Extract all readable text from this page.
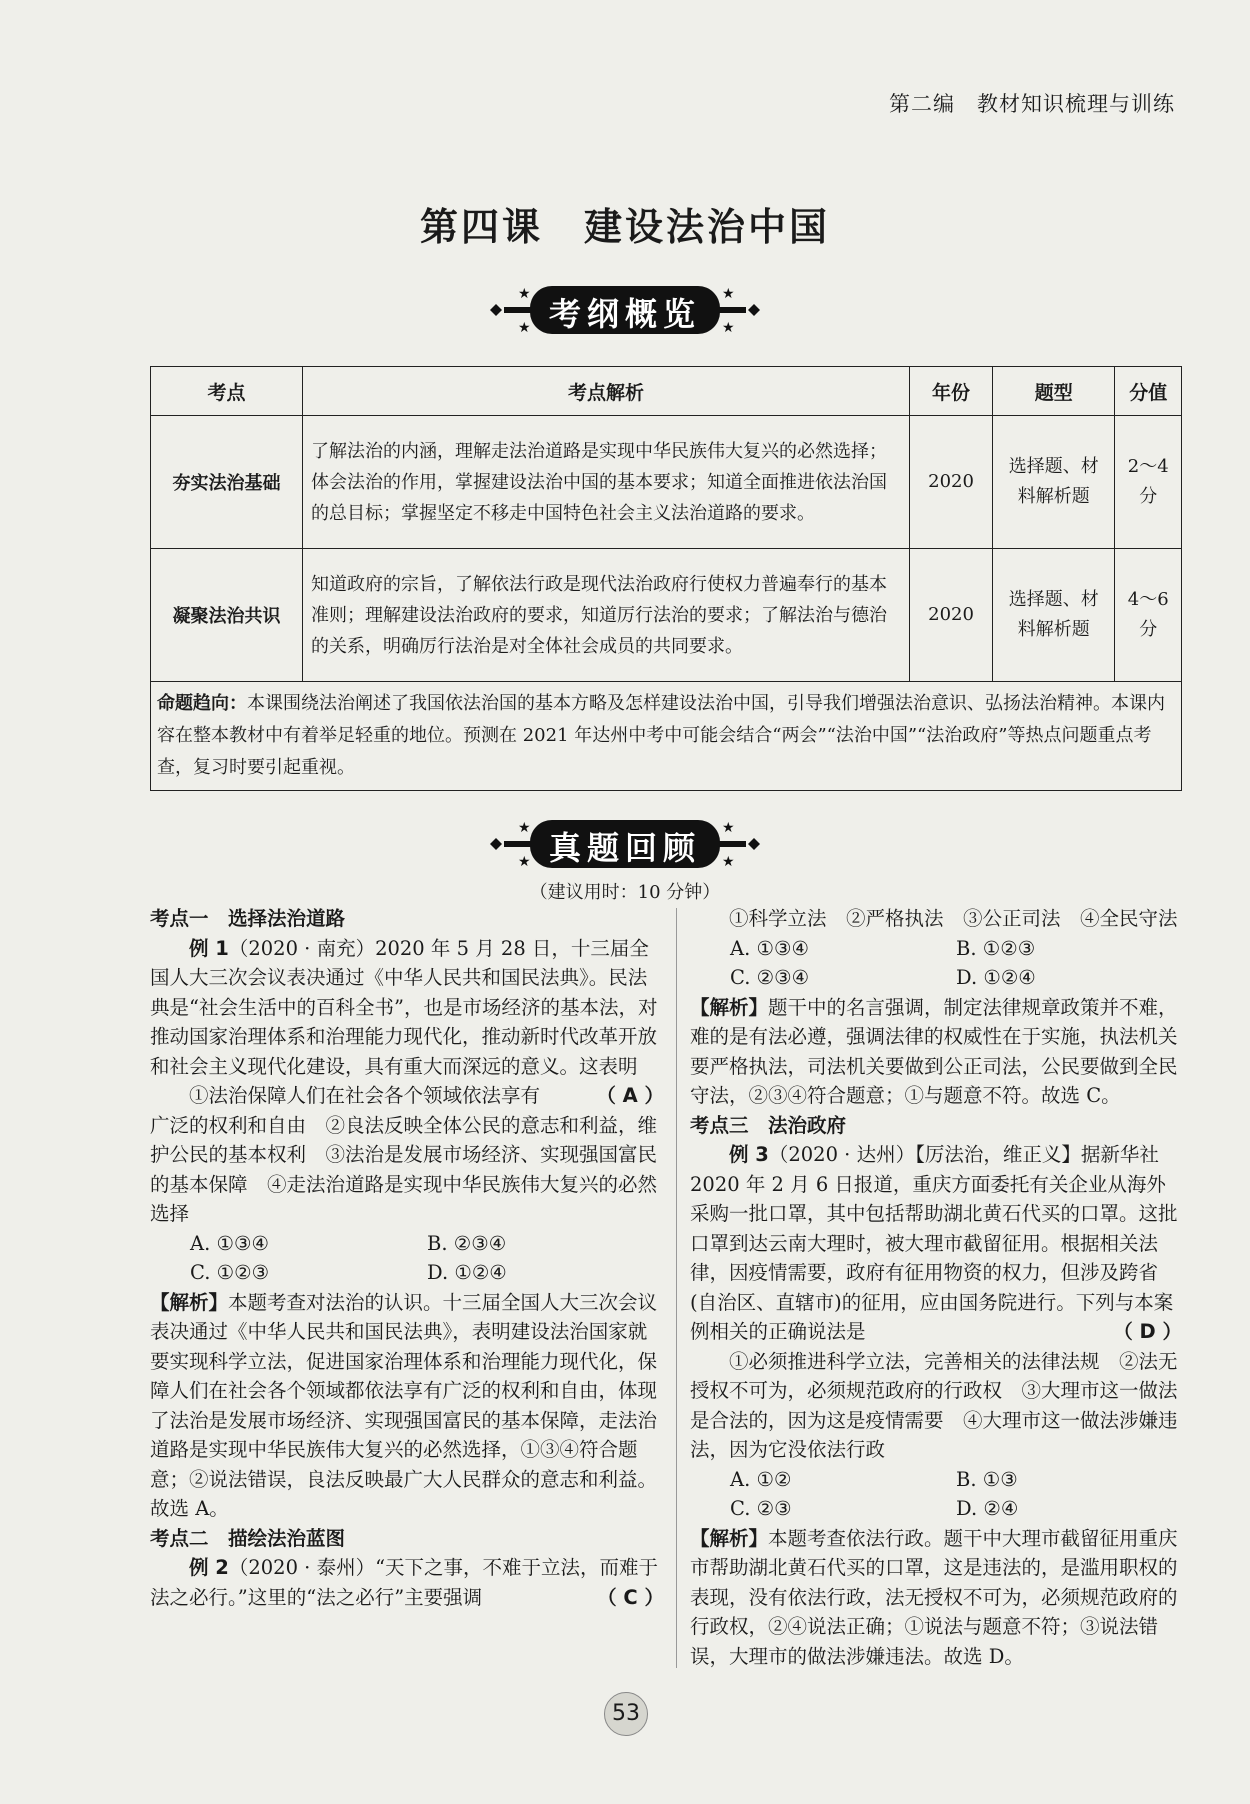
第二编　教材知识梳理与训练
第四课　建设法治中国
★	★
★	★
考纲概览
考点	考点解析	年份	题型	分值
夯实法治基础	了解法治的内涵，理解走法治道路是实现中华民族伟大复兴的必然选择；体会法治的作用，掌握建设法治中国的基本要求；知道全面推进依法治国的总目标；掌握坚定不移走中国特色社会主义法治道路的要求。	2020	选择题、材料解析题	2～4 分
凝聚法治共识	知道政府的宗旨，了解依法行政是现代法治政府行使权力普遍奉行的基本准则；理解建设法治政府的要求，知道厉行法治的要求；了解法治与德治的关系，明确厉行法治是对全体社会成员的共同要求。	2020	选择题、材料解析题	4～6 分
命题趋向：本课围绕法治阐述了我国依法治国的基本方略及怎样建设法治中国，引导我们增强法治意识、弘扬法治精神。本课内容在整本教材中有着举足轻重的地位。预测在 2021 年达州中考中可能会结合“两会”“法治中国”“法治政府”等热点问题重点考查，复习时要引起重视。				
★	★
★	★
真题回顾
（建议用时：10 分钟）

考点一　选择法治道路

例 1（2020 · 南充）2020 年 5 月 28 日，十三届全国人大三次会议表决通过《中华人民共和国民法典》。民法典是“社会生活中的百科全书”，也是市场经济的基本法，对推动国家治理体系和治理能力现代化，推动新时代改革开放和社会主义现代化建设，具有重大而深远的意义。这表明
（ A ）

①法治保障人们在社会各个领域依法享有广泛的权利和自由　②良法反映全体公民的意志和利益，维护公民的基本权利　③法治是发展市场经济、实现强国富民的基本保障　④走法治道路是实现中华民族伟大复兴的必然选择

A. ①③④	B. ②③④
C. ①②③	D. ①②④

【解析】本题考查对法治的认识。十三届全国人大三次会议表决通过《中华人民共和国民法典》，表明建设法治国家就要实现科学立法，促进国家治理体系和治理能力现代化，保障人们在社会各个领域都依法享有广泛的权利和自由，体现了法治是发展市场经济、实现强国富民的基本保障，走法治道路是实现中华民族伟大复兴的必然选择，①③④符合题意；②说法错误，良法反映最广大人民群众的意志和利益。故选 A。

考点二　描绘法治蓝图

例 2（2020 · 泰州）“天下之事，不难于立法，而难于法之必行。”这里的“法之必行”主要强调	（ C ）

①科学立法　②严格执法　③公正司法　④全民守法

A. ①③④	B. ①②③
C. ②③④	D. ①②④

【解析】题干中的名言强调，制定法律规章政策并不难，难的是有法必遵，强调法律的权威性在于实施，执法机关要严格执法，司法机关要做到公正司法，公民要做到全民守法，②③④符合题意；①与题意不符。故选 C。

考点三　法治政府

例 3（2020 · 达州）【厉法治，维正义】据新华社 2020 年 2 月 6 日报道，重庆方面委托有关企业从海外采购一批口罩，其中包括帮助湖北黄石代买的口罩。这批口罩到达云南大理时，被大理市截留征用。根据相关法律，因疫情需要，政府有征用物资的权力，但涉及跨省(自治区、直辖市)的征用，应由国务院进行。下列与本案例相关的正确说法是	（ D ）

①必须推进科学立法，完善相关的法律法规　②法无授权不可为，必须规范政府的行政权　③大理市这一做法是合法的，因为这是疫情需要　④大理市这一做法涉嫌违法，因为它没依法行政

A. ①②	B. ①③
C. ②③	D. ②④

【解析】本题考查依法行政。题干中大理市截留征用重庆市帮助湖北黄石代买的口罩，这是违法的，是滥用职权的表现，没有依法行政，法无授权不可为，必须规范政府的行政权，②④说法正确；①说法与题意不符；③说法错误，大理市的做法涉嫌违法。故选 D。

53
